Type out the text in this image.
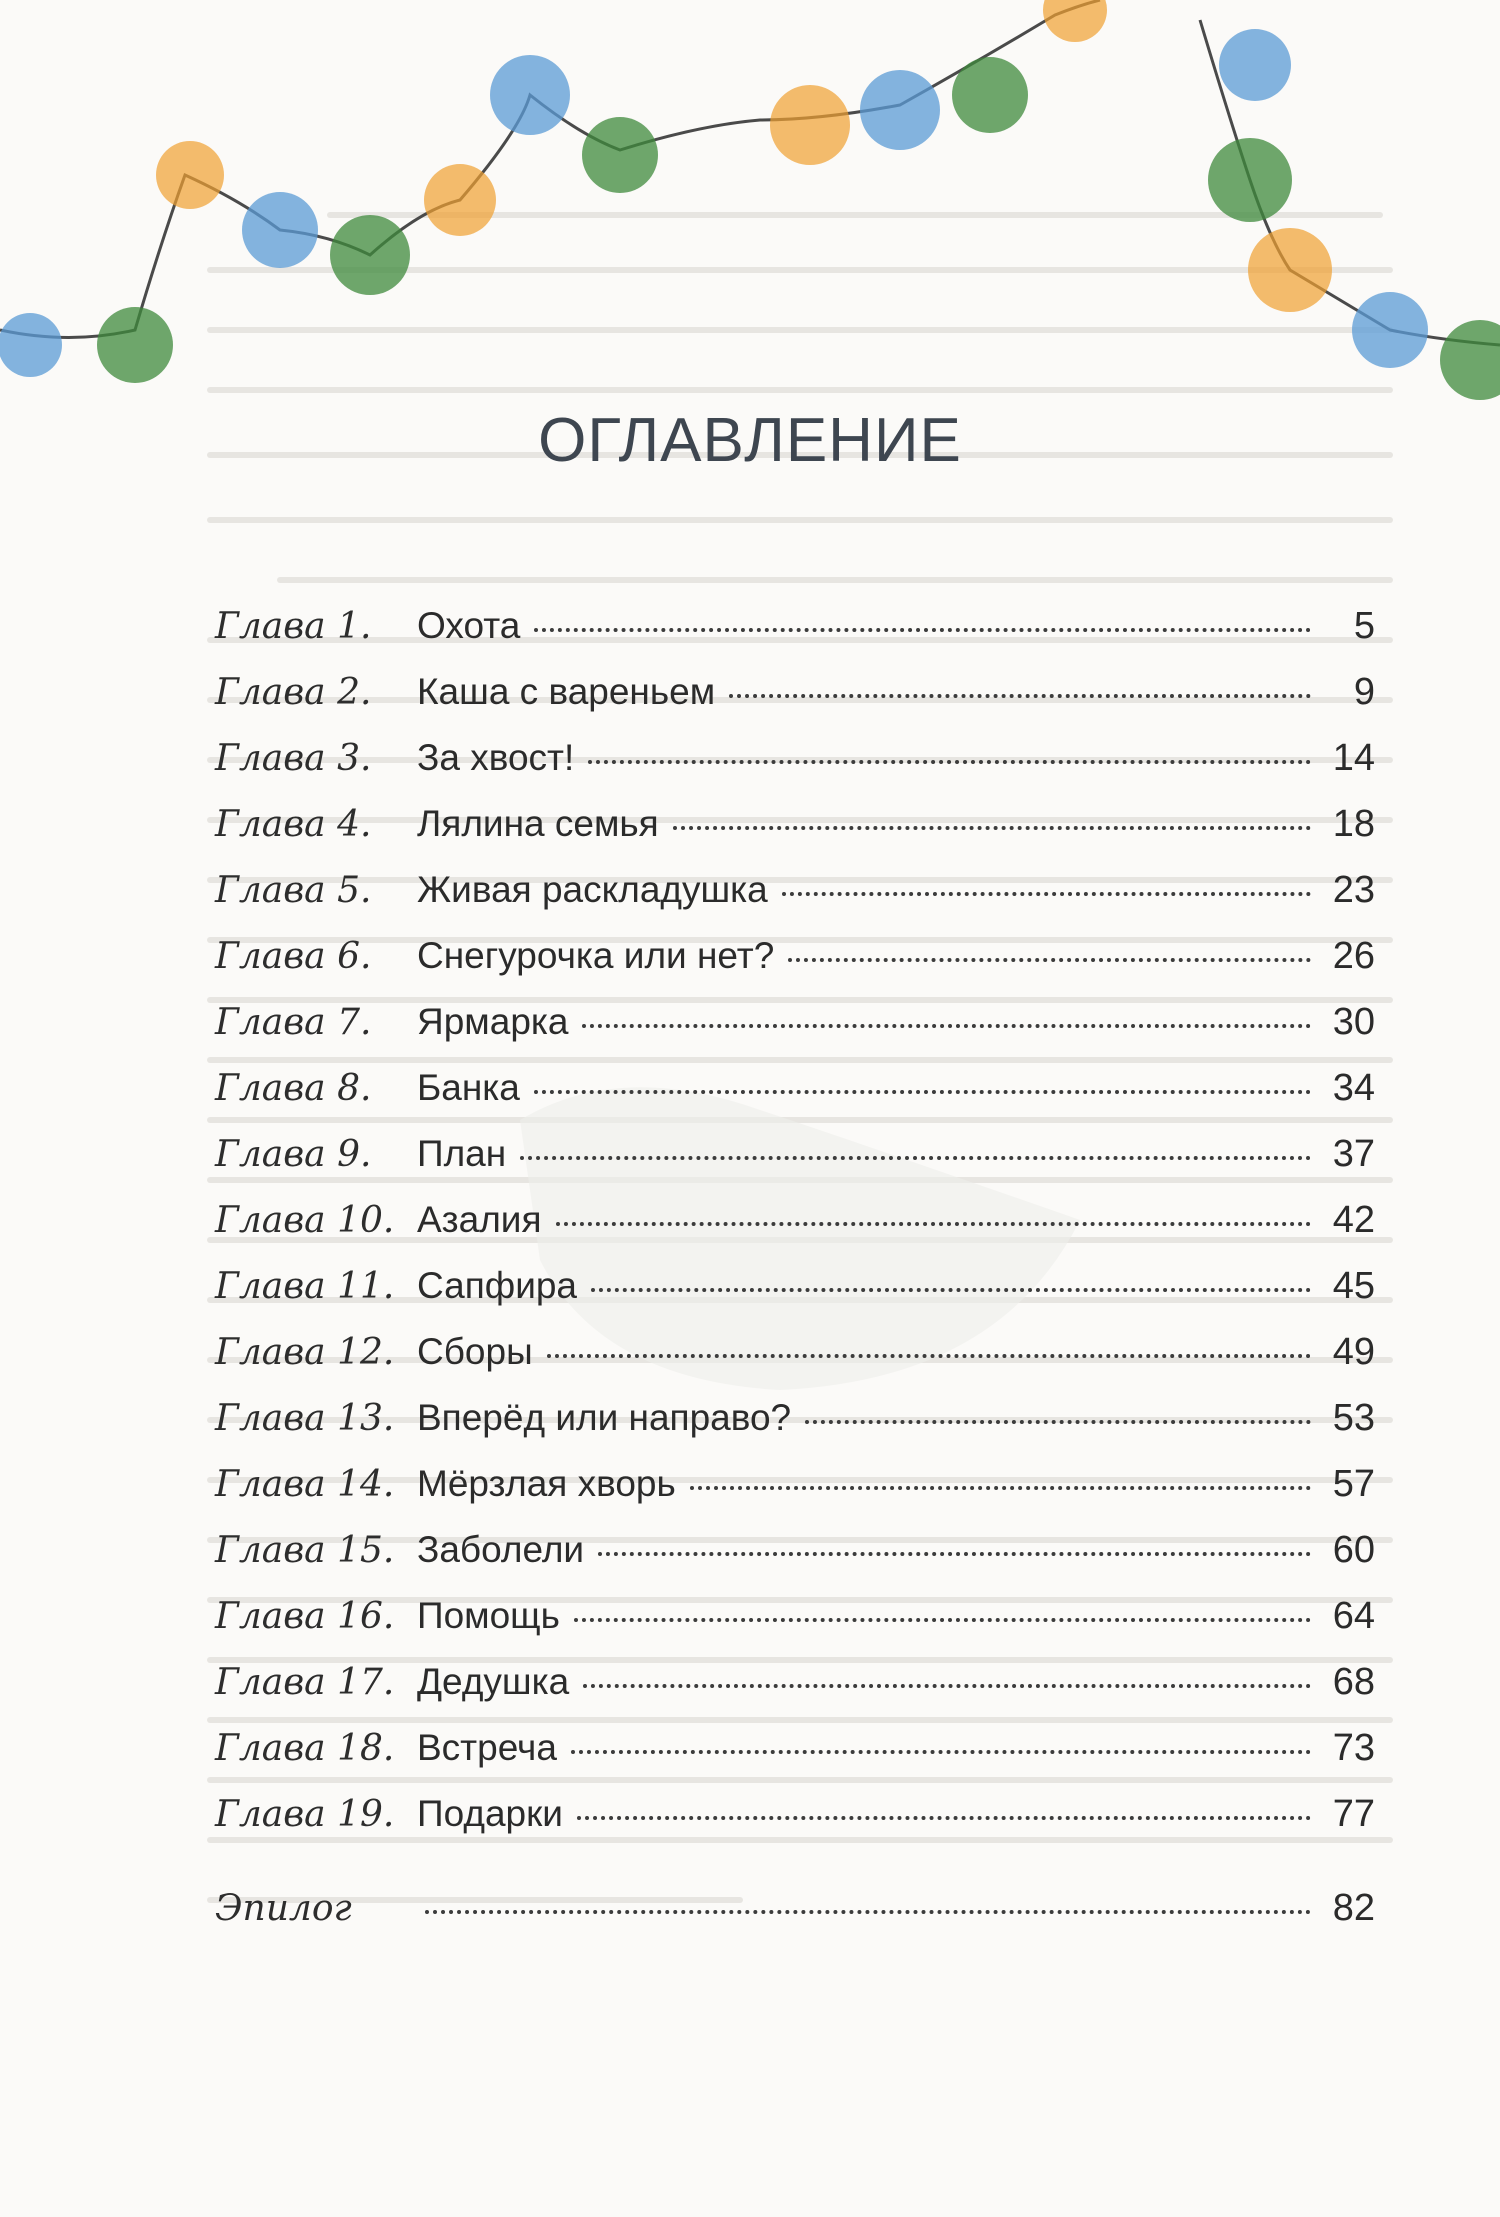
ОГЛАВЛЕНИЕ
Глава 1.	Охота	5
Глава 2.	Каша с вареньем	9
Глава 3.	За хвост!	14
Глава 4.	Лялина семья	18
Глава 5.	Живая раскладушка	23
Глава 6.	Снегурочка или нет?	26
Глава 7.	Ярмарка	30
Глава 8.	Банка	34
Глава 9.	План	37
Глава 10. Азалия	42
Глава 11. Сапфира	45
Глава 12. Сборы	49
Глава 13. Вперёд или направо?	53
Глава 14. Мёрзлая хворь	57
Глава 15. Заболели	60
Глава 16. Помощь	64
Глава 17. Дедушка	68
Глава 18. Встреча	73
Глава 19. Подарки	77
Эпилог	82
